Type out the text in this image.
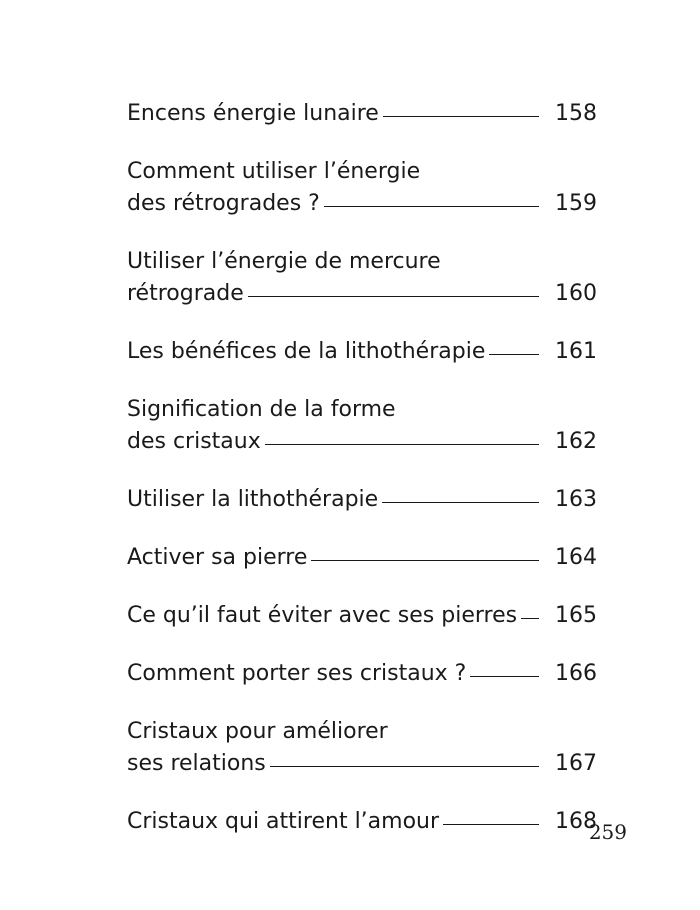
Encens énergie lunaire	158
Comment utiliser l’énergie
des rétrogrades ?	159
Utiliser l’énergie de mercure
rétrograde	160
Les bénéfices de la lithothérapie	161
Signification de la forme
des cristaux	162
Utiliser la lithothérapie	163
Activer sa pierre	164
Ce qu’il faut éviter avec ses pierres 165
Comment porter ses cristaux ?	166
Cristaux pour améliorer
ses relations	167
Cristaux qui attirent l’amour	168
259
